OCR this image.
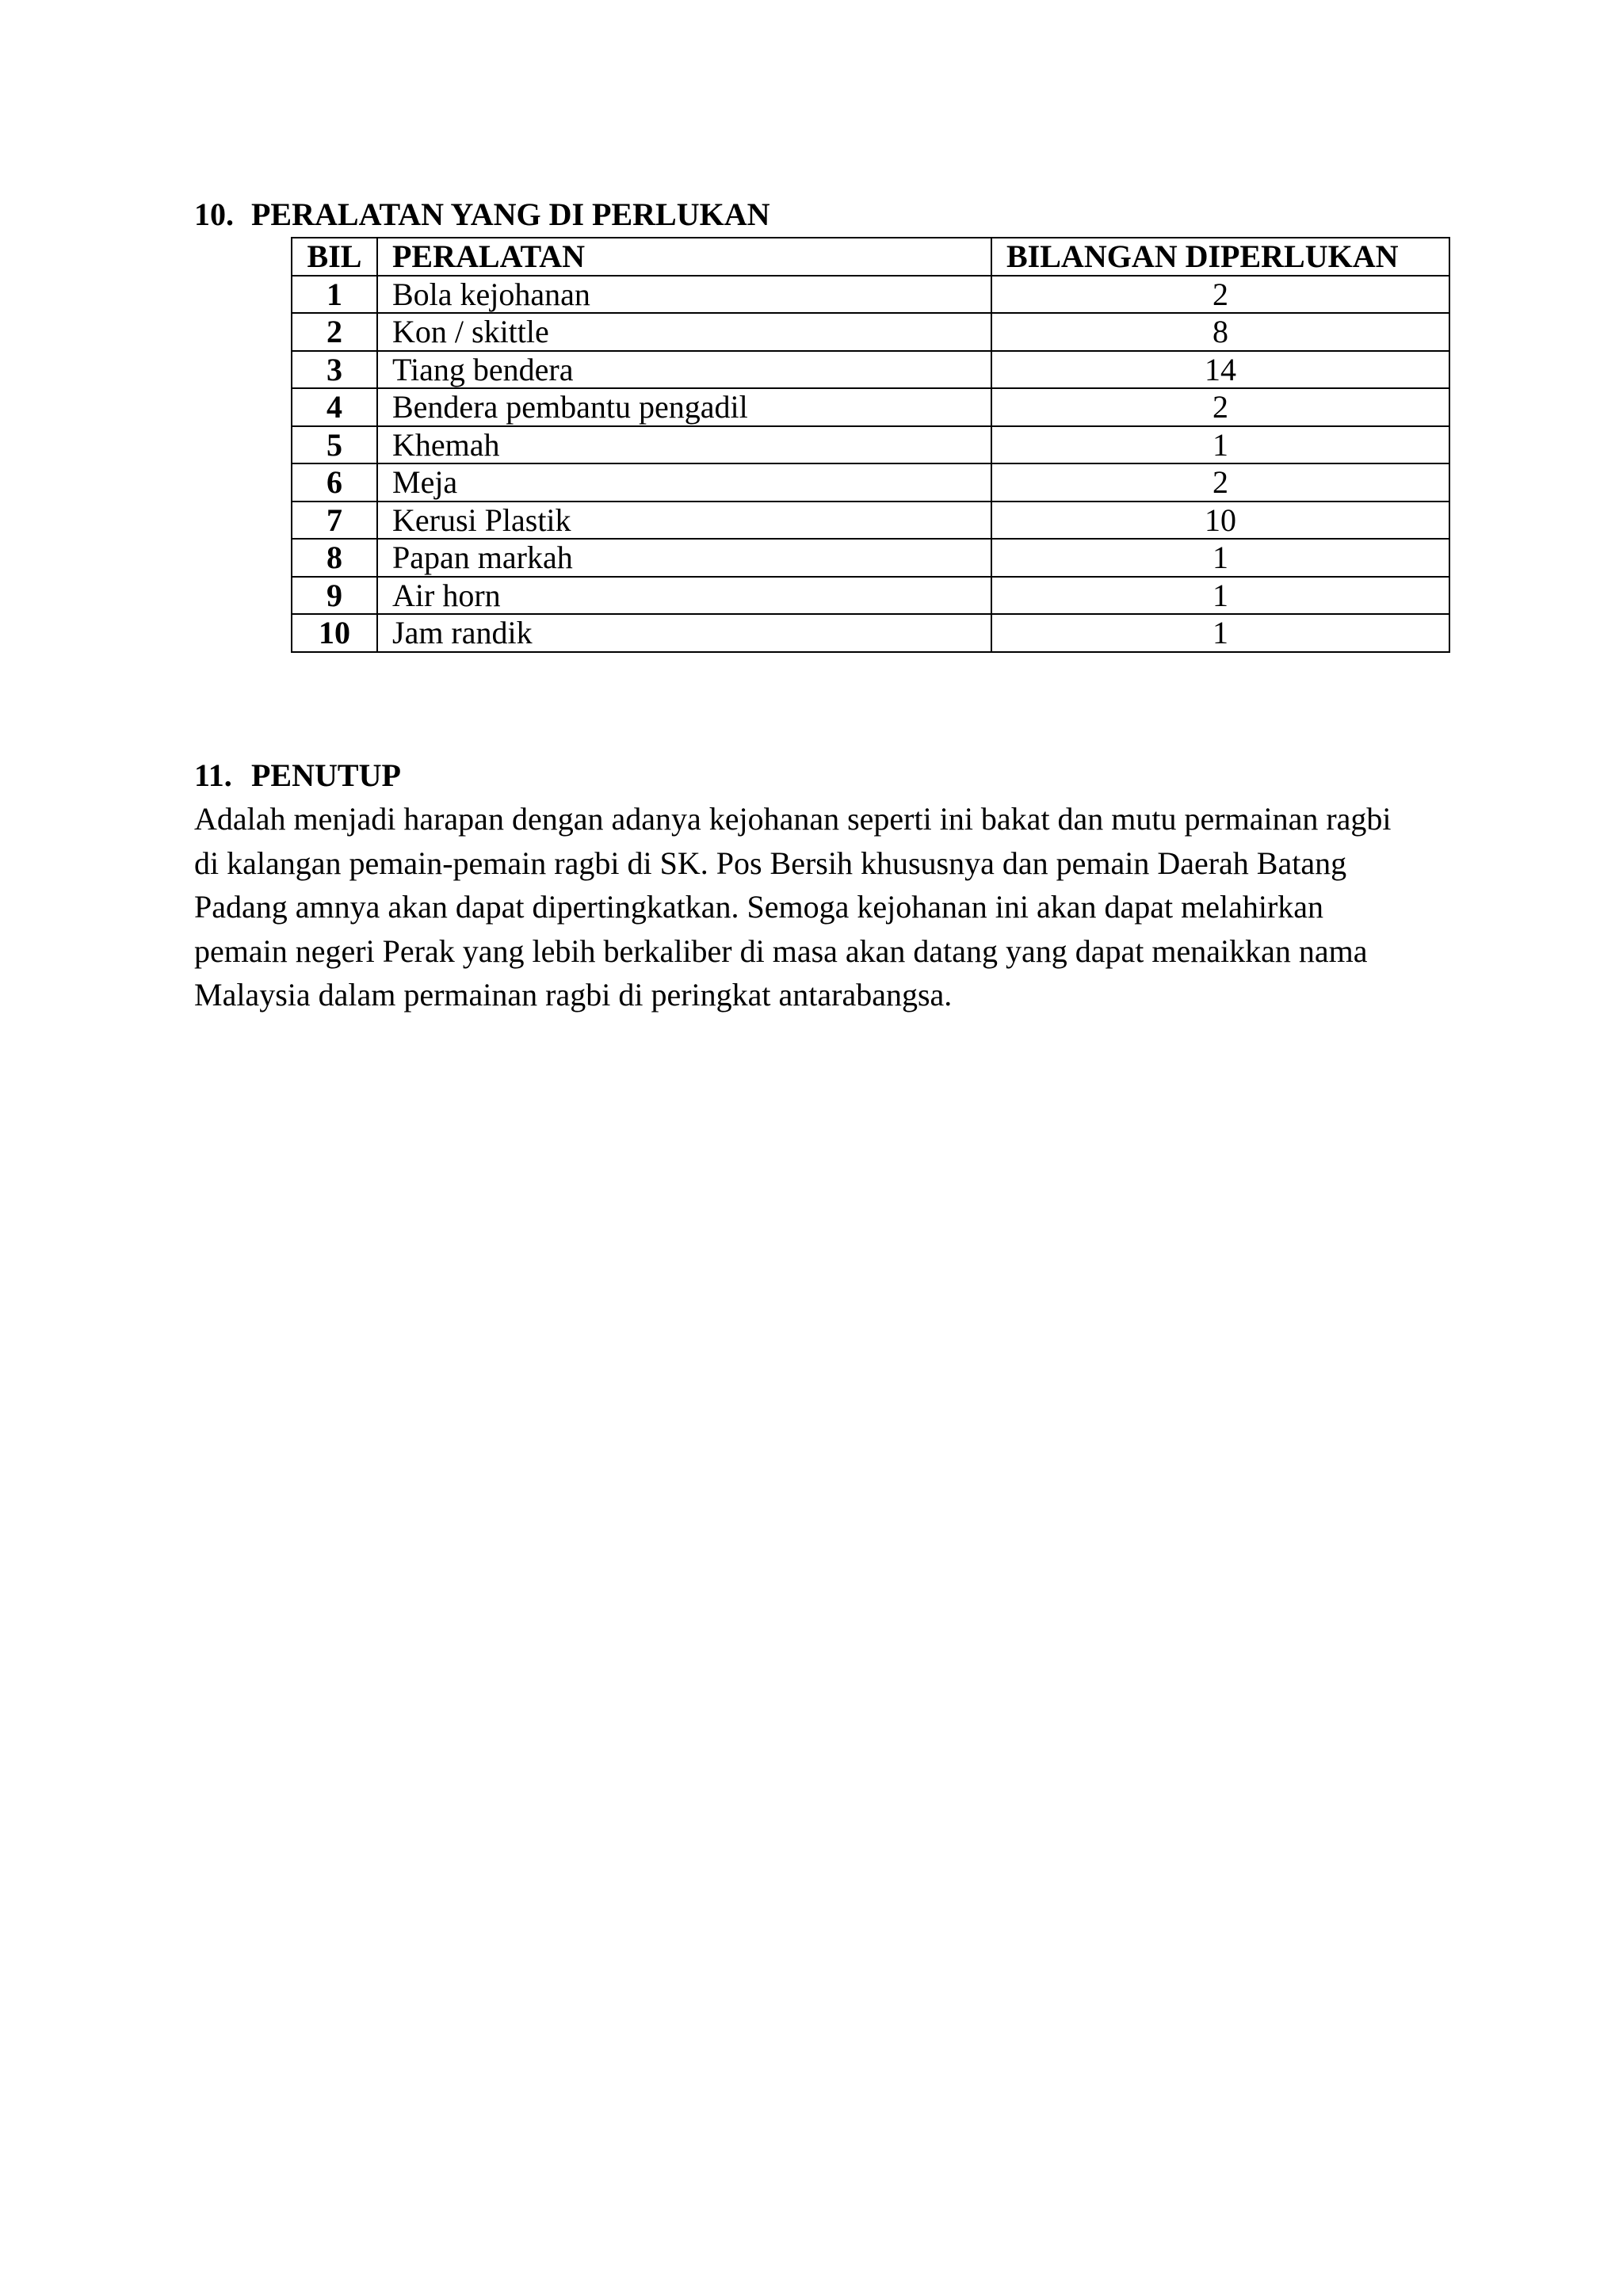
10. PERALATAN YANG DI PERLUKAN
BIL	PERALATAN	BILANGAN DIPERLUKAN
1	Bola kejohanan	2
2	Kon / skittle	8
3	Tiang bendera	14
4	Bendera pembantu pengadil	2
5	Khemah	1
6	Meja	2
7	Kerusi Plastik	10
8	Papan markah	1
9	Air horn	1
10	Jam randik	1
11. PENUTUP

Adalah menjadi harapan dengan adanya kejohanan seperti ini bakat dan mutu permainan ragbi
di kalangan pemain-pemain ragbi di SK. Pos Bersih khususnya dan pemain Daerah Batang
Padang amnya akan dapat dipertingkatkan. Semoga kejohanan ini akan dapat melahirkan
pemain negeri Perak yang lebih berkaliber di masa akan datang yang dapat menaikkan nama
Malaysia dalam permainan ragbi di peringkat antarabangsa.
